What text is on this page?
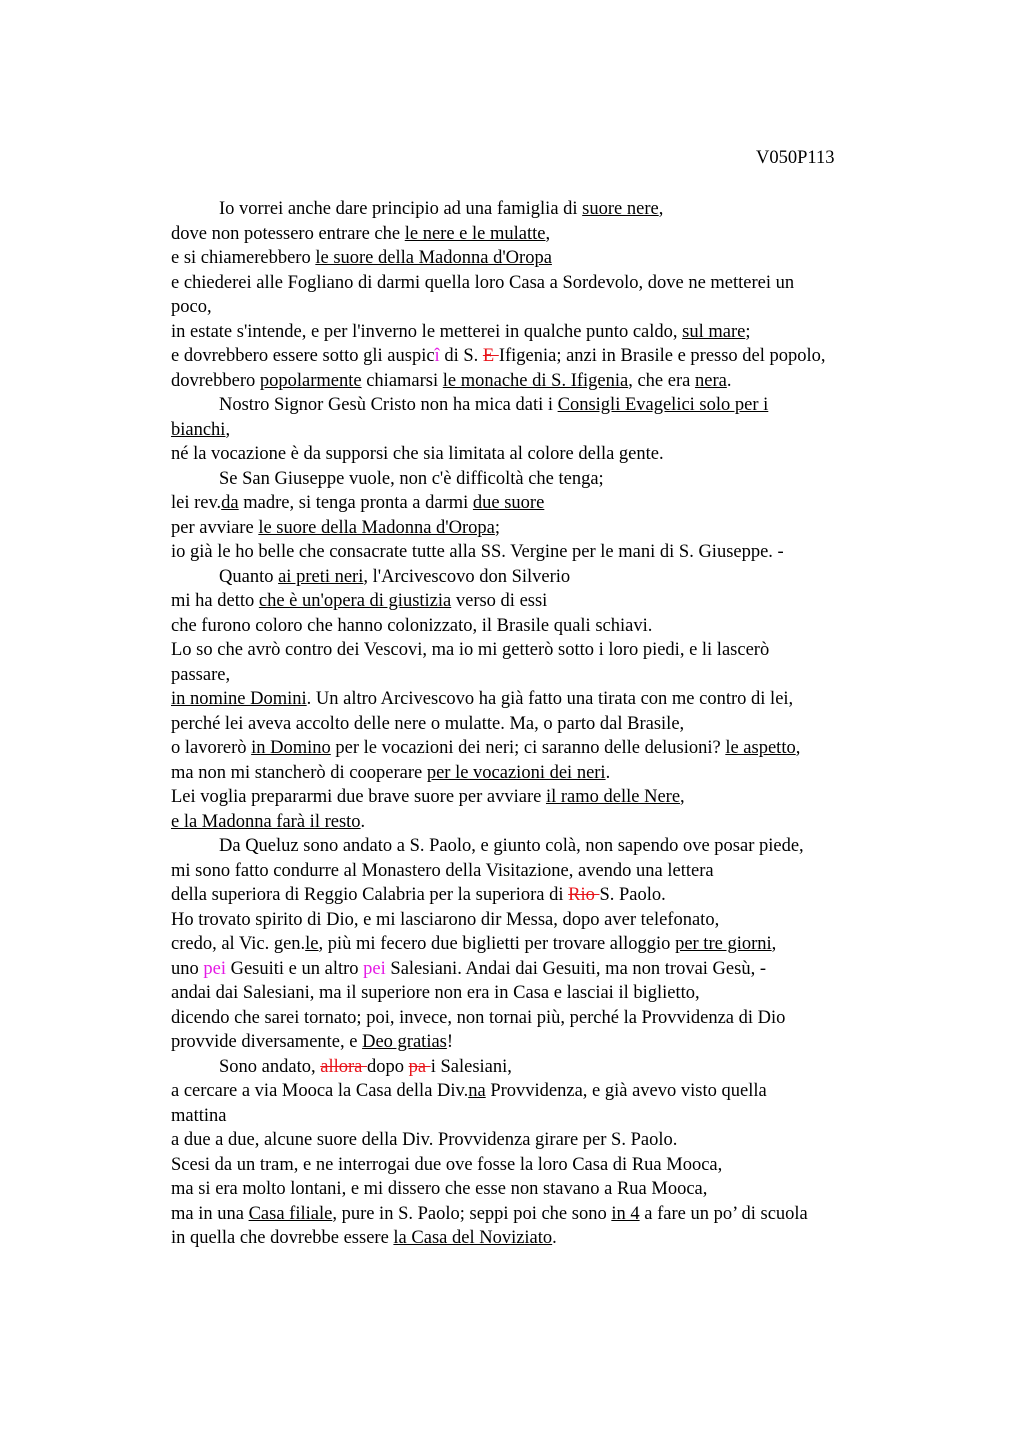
V050P113
Io vorrei anche dare principio ad una famiglia di suore nere,
dove non potessero entrare che le nere e le mulatte,
e si chiamerebbero le suore della Madonna d'Oropa
e chiederei alle Fogliano di darmi quella loro Casa a Sordevolo, dove ne metterei un
poco,
in estate s'intende, e per l'inverno le metterei in qualche punto caldo, sul mare;
e dovrebbero essere sotto gli auspicî di S. E Ifigenia; anzi in Brasile e presso del popolo,
dovrebbero popolarmente chiamarsi le monache di S. Ifigenia, che era nera.
Nostro Signor Gesù Cristo non ha mica dati i Consigli Evagelici solo per i
bianchi,
né la vocazione è da supporsi che sia limitata al colore della gente.
Se San Giuseppe vuole, non c'è difficoltà che tenga;
lei rev.da madre, si tenga pronta a darmi due suore
per avviare le suore della Madonna d'Oropa;
io già le ho belle che consacrate tutte alla SS. Vergine per le mani di S. Giuseppe. -
Quanto ai preti neri, l'Arcivescovo don Silverio
mi ha detto che è un'opera di giustizia verso di essi
che furono coloro che hanno colonizzato, il Brasile quali schiavi.
Lo so che avrò contro dei Vescovi, ma io mi getterò sotto i loro piedi, e li lascerò
passare,
in nomine Domini. Un altro Arcivescovo ha già fatto una tirata con me contro di lei,
perché lei aveva accolto delle nere o mulatte. Ma, o parto dal Brasile,
o lavorerò in Domino per le vocazioni dei neri; ci saranno delle delusioni? le aspetto,
ma non mi stancherò di cooperare per le vocazioni dei neri.
Lei voglia prepararmi due brave suore per avviare il ramo delle Nere,
e la Madonna farà il resto.
Da Queluz sono andato a S. Paolo, e giunto colà, non sapendo ove posar piede,
mi sono fatto condurre al Monastero della Visitazione, avendo una lettera
della superiora di Reggio Calabria per la superiora di Rio S. Paolo.
Ho trovato spirito di Dio, e mi lasciarono dir Messa, dopo aver telefonato,
credo, al Vic. gen.le, più mi fecero due biglietti per trovare alloggio per tre giorni,
uno pei Gesuiti e un altro pei Salesiani. Andai dai Gesuiti, ma non trovai Gesù, -
andai dai Salesiani, ma il superiore non era in Casa e lasciai il biglietto,
dicendo che sarei tornato; poi, invece, non tornai più, perché la Provvidenza di Dio
provvide diversamente, e Deo gratias!
Sono andato, allora dopo pa i Salesiani,
a cercare a via Mooca la Casa della Div.na Provvidenza, e già avevo visto quella
mattina
a due a due, alcune suore della Div. Provvidenza girare per S. Paolo.
Scesi da un tram, e ne interrogai due ove fosse la loro Casa di Rua Mooca,
ma si era molto lontani, e mi dissero che esse non stavano a Rua Mooca,
ma in una Casa filiale, pure in S. Paolo; seppi poi che sono in 4 a fare un po’ di scuola
in quella che dovrebbe essere la Casa del Noviziato.
